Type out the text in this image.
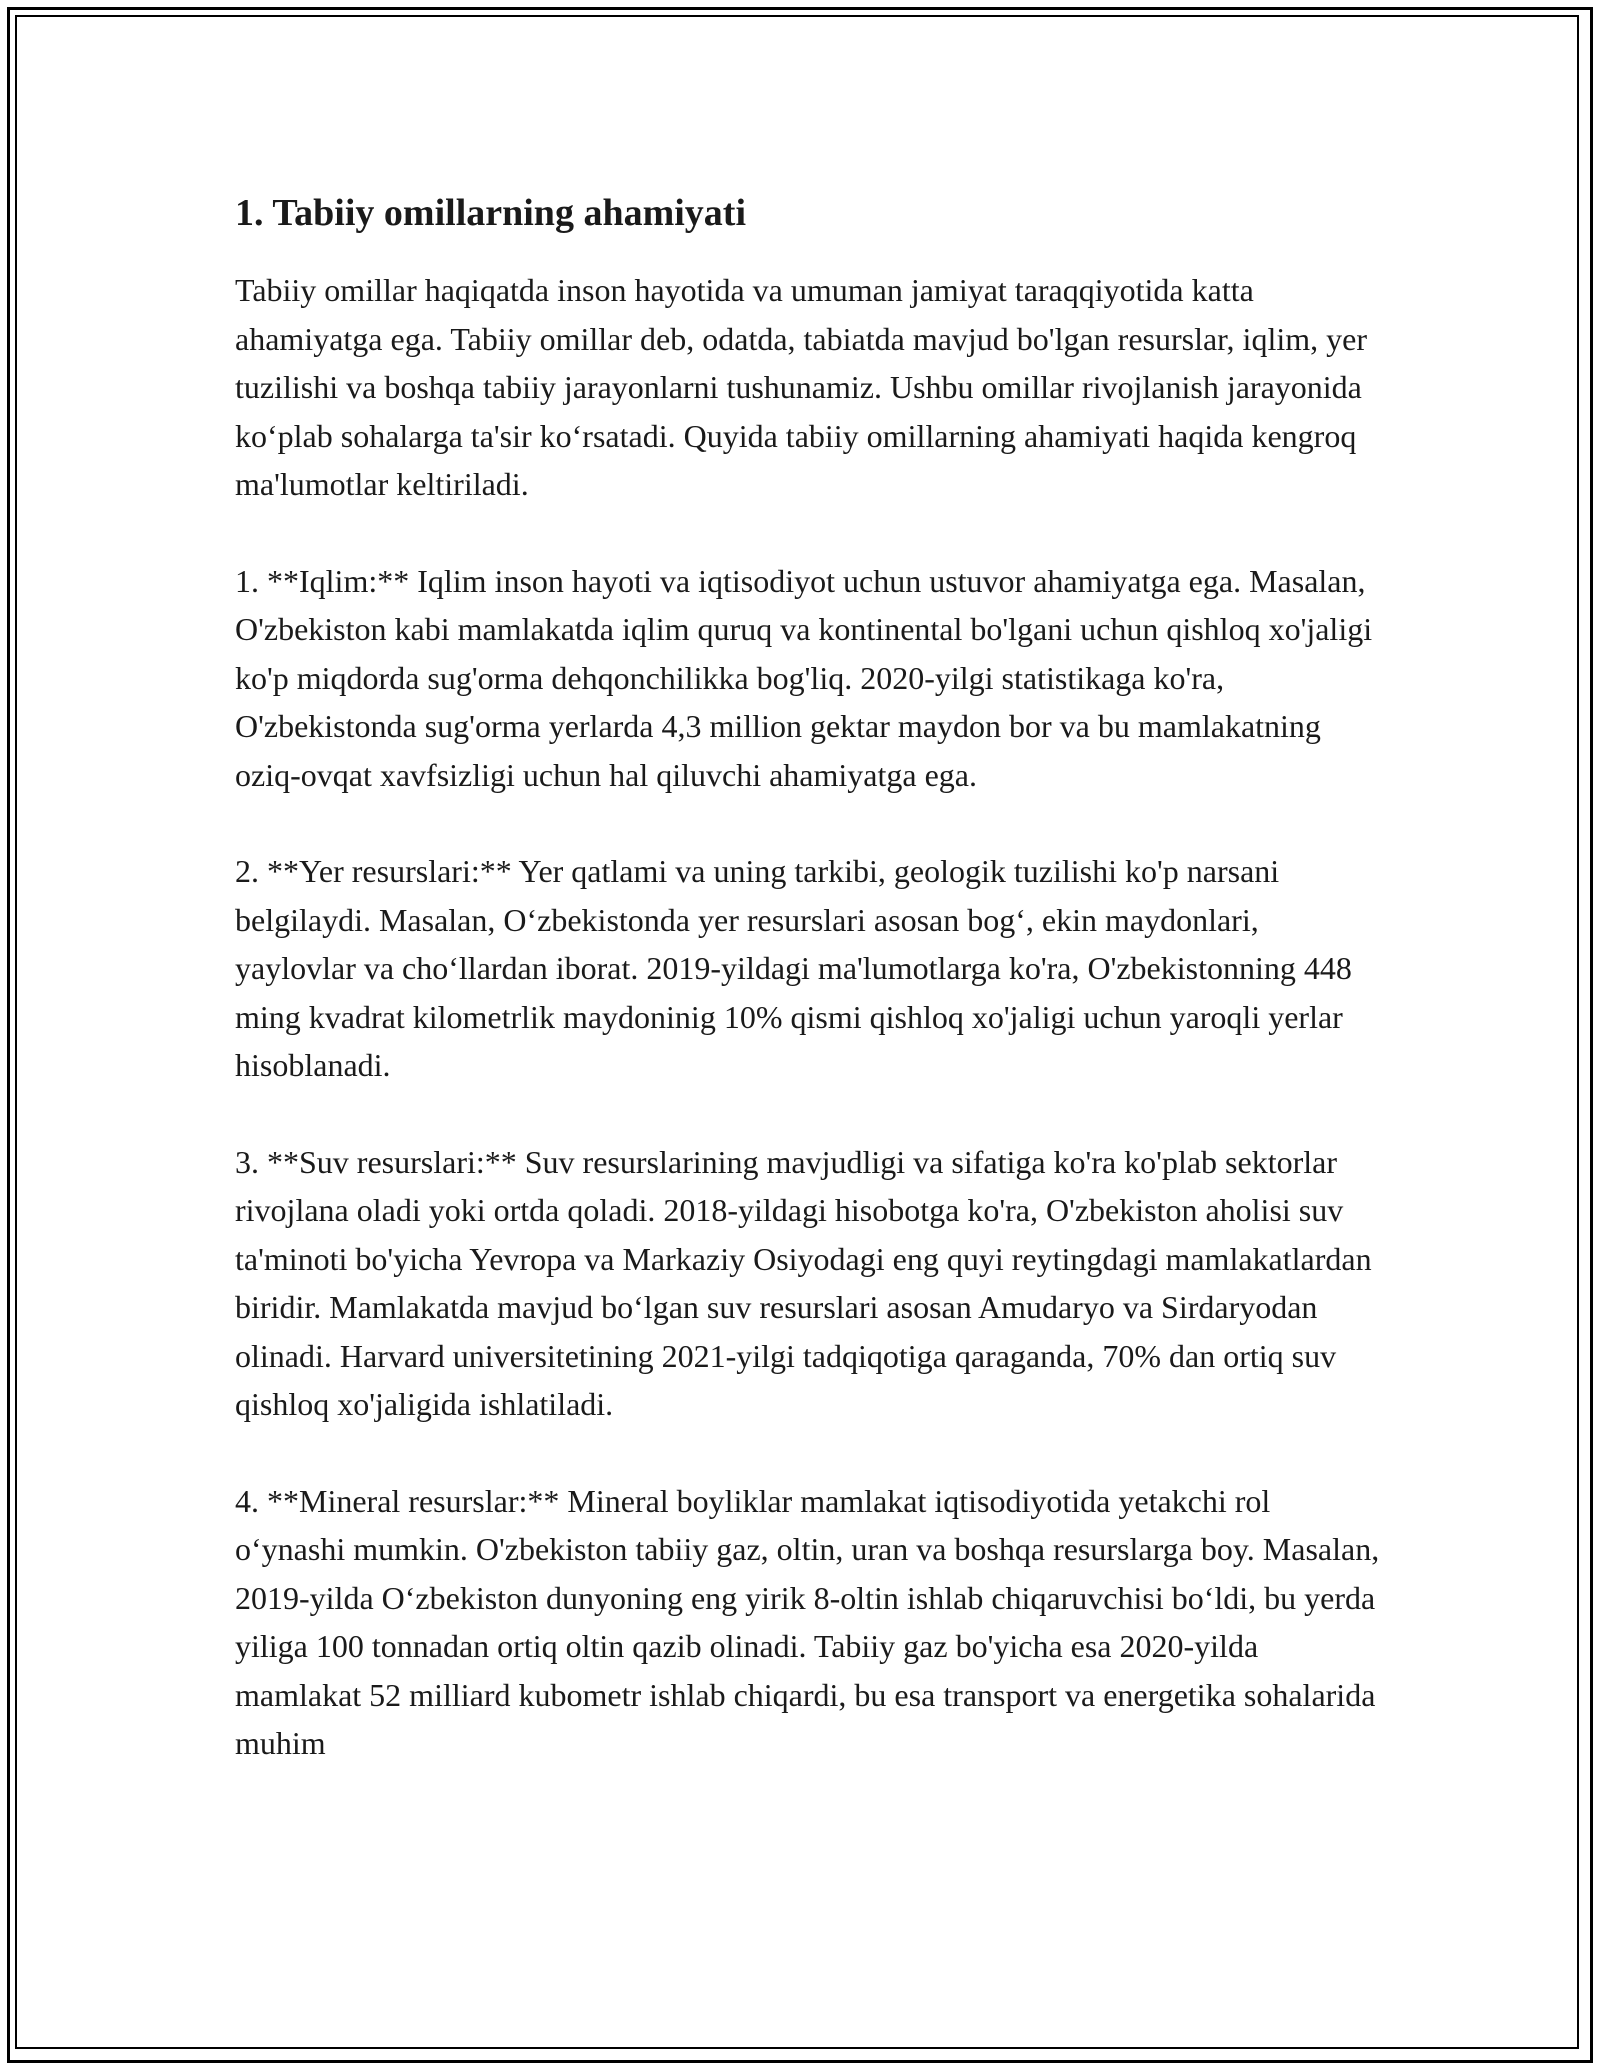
1. Tabiiy omillarning ahamiyati

Tabiiy omillar haqiqatda inson hayotida va umuman jamiyat taraqqiyotida katta ahamiyatga ega. Tabiiy omillar deb, odatda, tabiatda mavjud bo'lgan resurslar, iqlim, yer tuzilishi va boshqa tabiiy jarayonlarni tushunamiz. Ushbu omillar rivojlanish jarayonida ko‘plab sohalarga ta'sir ko‘rsatadi. Quyida tabiiy omillarning ahamiyati haqida kengroq ma'lumotlar keltiriladi.

1. **Iqlim:** Iqlim inson hayoti va iqtisodiyot uchun ustuvor ahamiyatga ega. Masalan, O'zbekiston kabi mamlakatda iqlim quruq va kontinental bo'lgani uchun qishloq xo'jaligi ko'p miqdorda sug'orma dehqonchilikka bog'liq. 2020-yilgi statistikaga ko'ra, O'zbekistonda sug'orma yerlarda 4,3 million gektar maydon bor va bu mamlakatning oziq-ovqat xavfsizligi uchun hal qiluvchi ahamiyatga ega.

2. **Yer resurslari:** Yer qatlami va uning tarkibi, geologik tuzilishi ko'p narsani belgilaydi. Masalan, O‘zbekistonda yer resurslari asosan bog‘, ekin maydonlari, yaylovlar va cho‘llardan iborat. 2019-yildagi ma'lumotlarga ko'ra, O'zbekistonning 448 ming kvadrat kilometrlik maydoninig 10% qismi qishloq xo'jaligi uchun yaroqli yerlar hisoblanadi.

3. **Suv resurslari:** Suv resurslarining mavjudligi va sifatiga ko'ra ko'plab sektorlar rivojlana oladi yoki ortda qoladi. 2018-yildagi hisobotga ko'ra, O'zbekiston aholisi suv ta'minoti bo'yicha Yevropa va Markaziy Osiyodagi eng quyi reytingdagi mamlakatlardan biridir. Mamlakatda mavjud bo‘lgan suv resurslari asosan Amudaryo va Sirdaryodan olinadi. Harvard universitetining 2021-yilgi tadqiqotiga qaraganda, 70% dan ortiq suv qishloq xo'jaligida ishlatiladi.

4. **Mineral resurslar:** Mineral boyliklar mamlakat iqtisodiyotida yetakchi rol o‘ynashi mumkin. O'zbekiston tabiiy gaz, oltin, uran va boshqa resurslarga boy. Masalan, 2019-yilda O‘zbekiston dunyoning eng yirik 8-oltin ishlab chiqaruvchisi bo‘ldi, bu yerda yiliga 100 tonnadan ortiq oltin qazib olinadi. Tabiiy gaz bo'yicha esa 2020-yilda mamlakat 52 milliard kubometr ishlab chiqardi, bu esa transport va energetika sohalarida muhim
